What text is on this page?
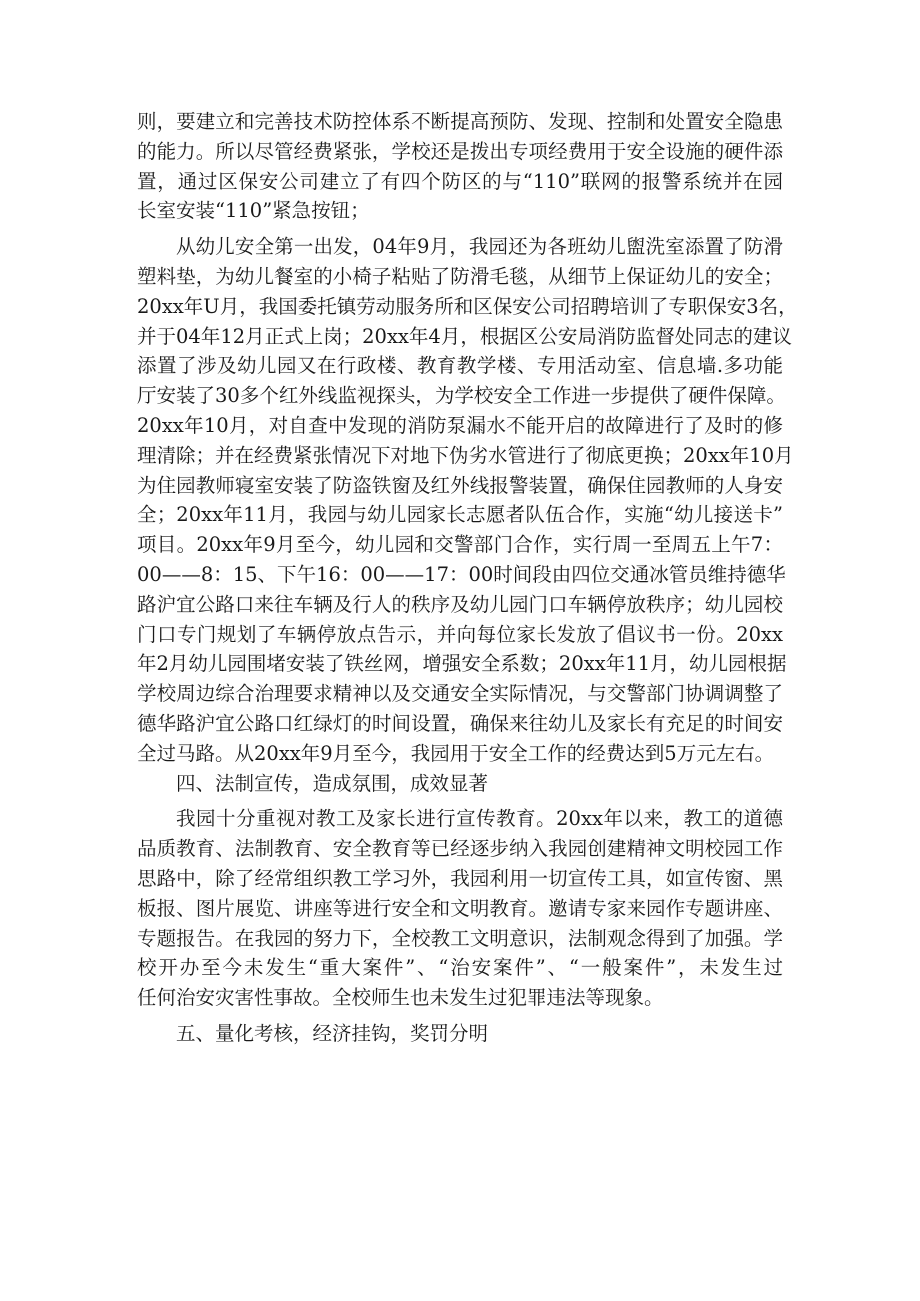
则，要建立和完善技术防控体系不断提高预防、发现、控制和处置安全隐患
的能力。所以尽管经费紧张，学校还是拨出专项经费用于安全设施的硬件添
置，通过区保安公司建立了有四个防区的与“110”联网的报警系统并在园
长室安装“110”紧急按钮；
从幼儿安全第一出发，04年9月，我园还为各班幼儿盥洗室添置了防滑
塑料垫，为幼儿餐室的小椅子粘贴了防滑毛毯，从细节上保证幼儿的安全；
20xx年U月，我国委托镇劳动服务所和区保安公司招聘培训了专职保安3名，
并于04年12月正式上岗；20xx年4月，根据区公安局消防监督处同志的建议
添置了涉及幼儿园又在行政楼、教育教学楼、专用活动室、信息墙.多功能
厅安装了30多个红外线监视探头，为学校安全工作进一步提供了硬件保障。
20xx年10月，对自查中发现的消防泵漏水不能开启的故障进行了及时的修
理清除；并在经费紧张情况下对地下伪劣水管进行了彻底更换；20xx年10月
为住园教师寝室安装了防盗铁窗及红外线报警装置，确保住园教师的人身安
全；20xx年11月，我园与幼儿园家长志愿者队伍合作，实施“幼儿接送卡”
项目。20xx年9月至今，幼儿园和交警部门合作，实行周一至周五上午7：
00——8：15、下午16：00——17：00时间段由四位交通冰管员维持德华
路沪宜公路口来往车辆及行人的秩序及幼儿园门口车辆停放秩序；幼儿园校
门口专门规划了车辆停放点告示，并向每位家长发放了倡议书一份。20xx
年2月幼儿园围堵安装了铁丝网，增强安全系数；20xx年11月，幼儿园根据
学校周边综合治理要求精神以及交通安全实际情况，与交警部门协调调整了
德华路沪宜公路口红绿灯的时间设置，确保来往幼儿及家长有充足的时间安
全过马路。从20xx年9月至今，我园用于安全工作的经费达到5万元左右。
四、法制宣传，造成氛围，成效显著
我园十分重视对教工及家长进行宣传教育。20xx年以来，教工的道德
品质教育、法制教育、安全教育等已经逐步纳入我园创建精神文明校园工作
思路中，除了经常组织教工学习外，我园利用一切宣传工具，如宣传窗、黑
板报、图片展览、讲座等进行安全和文明教育。邀请专家来园作专题讲座、
专题报告。在我园的努力下，全校教工文明意识，法制观念得到了加强。学
校开办至今未发生“重大案件”、“治安案件”、“一般案件”，未发生过
任何治安灾害性事故。全校师生也未发生过犯罪违法等现象。
五、量化考核，经济挂钩，奖罚分明
